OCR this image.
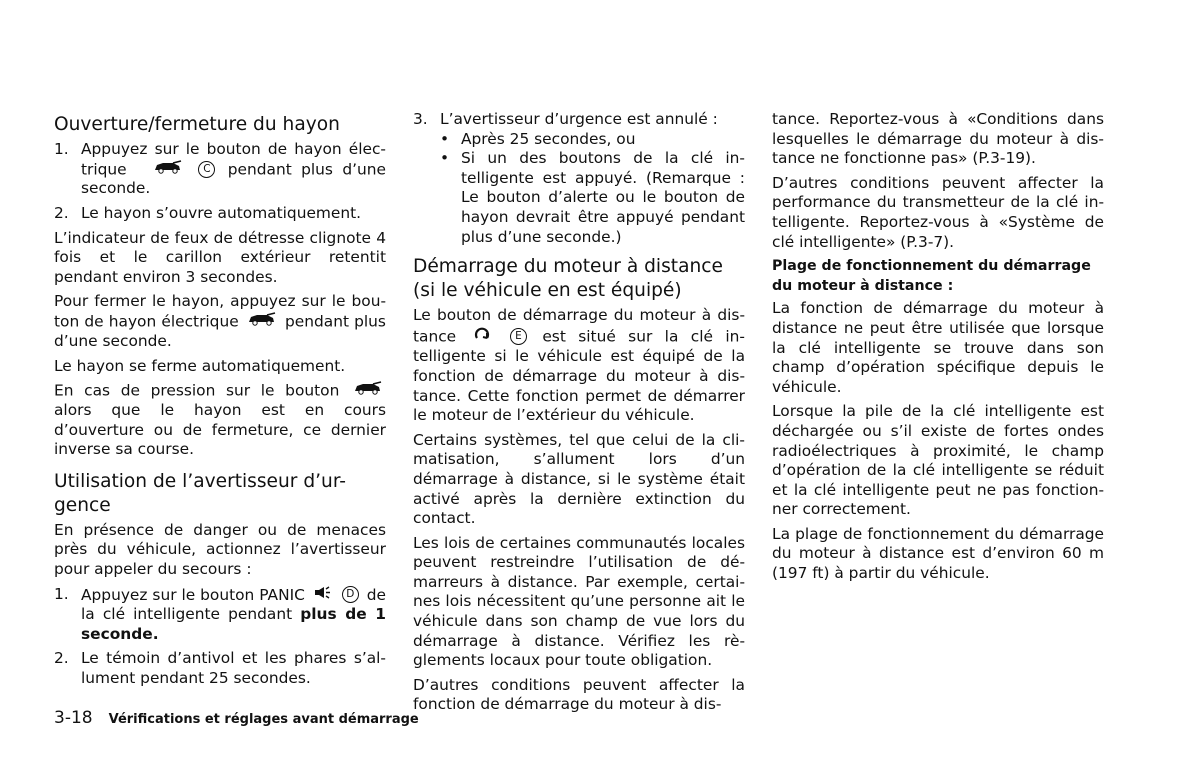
Ouverture/fermeture du hayon
1. Appuyez sur le bouton de hayon élec-trique	C pendant plus d’une seconde.
2. Le hayon s’ouvre automatiquement.

L’indicateur de feux de détresse clignote 4 fois et le carillon extérieur retentit pendant environ 3 secondes.

Pour fermer le hayon, appuyez sur le bou-ton de hayon électrique	pendant plus d’une seconde.

Le hayon se ferme automatiquement.

En cas de pression sur le bouton  alors que le hayon est en cours d’ouverture ou de fermeture, ce dernier inverse sa course.

Utilisation de l’avertisseur d’ur-gence

En présence de danger ou de menaces près du véhicule, actionnez l’avertisseur pour appeler du secours :

1. Appuyez sur le bouton PANIC	D de la clé intelligente pendant plus de 1 seconde.
2. Le témoin d’antivol et les phares s’al-lument pendant 25 secondes.
3. L’avertisseur d’urgence est annulé :
• Après 25 secondes, ou
• Si un des boutons de la clé in-telligente est appuyé. (Remarque : Le bouton d’alerte ou le bouton de hayon devrait être appuyé pendant plus d’une seconde.)
Démarrage du moteur à distance (si le véhicule en est équipé)

Le bouton de démarrage du moteur à dis-tance	E est situé sur la clé in-telligente si le véhicule est équipé de la fonction de démarrage du moteur à dis-tance. Cette fonction permet de démarrer le moteur de l’extérieur du véhicule.

Certains systèmes, tel que celui de la cli-matisation, s’allument lors d’un démarrage à distance, si le système était activé après la dernière extinction du contact.

Les lois de certaines communautés locales peuvent restreindre l’utilisation de dé-marreurs à distance. Par exemple, certai-nes lois nécessitent qu’une personne ait le véhicule dans son champ de vue lors du démarrage à distance. Vérifiez les rè-glements locaux pour toute obligation.

D’autres conditions peuvent affecter la fonction de démarrage du moteur à dis-

tance. Reportez-vous à «Conditions dans lesquelles le démarrage du moteur à dis-tance ne fonctionne pas» (P.3-19).

D’autres conditions peuvent affecter la performance du transmetteur de la clé in-telligente. Reportez-vous à «Système de clé intelligente» (P.3-7).

Plage de fonctionnement du démarrage du moteur à distance :

La fonction de démarrage du moteur à distance ne peut être utilisée que lorsque la clé intelligente se trouve dans son champ d’opération spécifique depuis le véhicule.

Lorsque la pile de la clé intelligente est déchargée ou s’il existe de fortes ondes radioélectriques à proximité, le champ d’opération de la clé intelligente se réduit et la clé intelligente peut ne pas fonction-ner correctement.

La plage de fonctionnement du démarrage du moteur à distance est d’environ 60 m (197 ft) à partir du véhicule.

3-18 Vérifications et réglages avant démarrage
